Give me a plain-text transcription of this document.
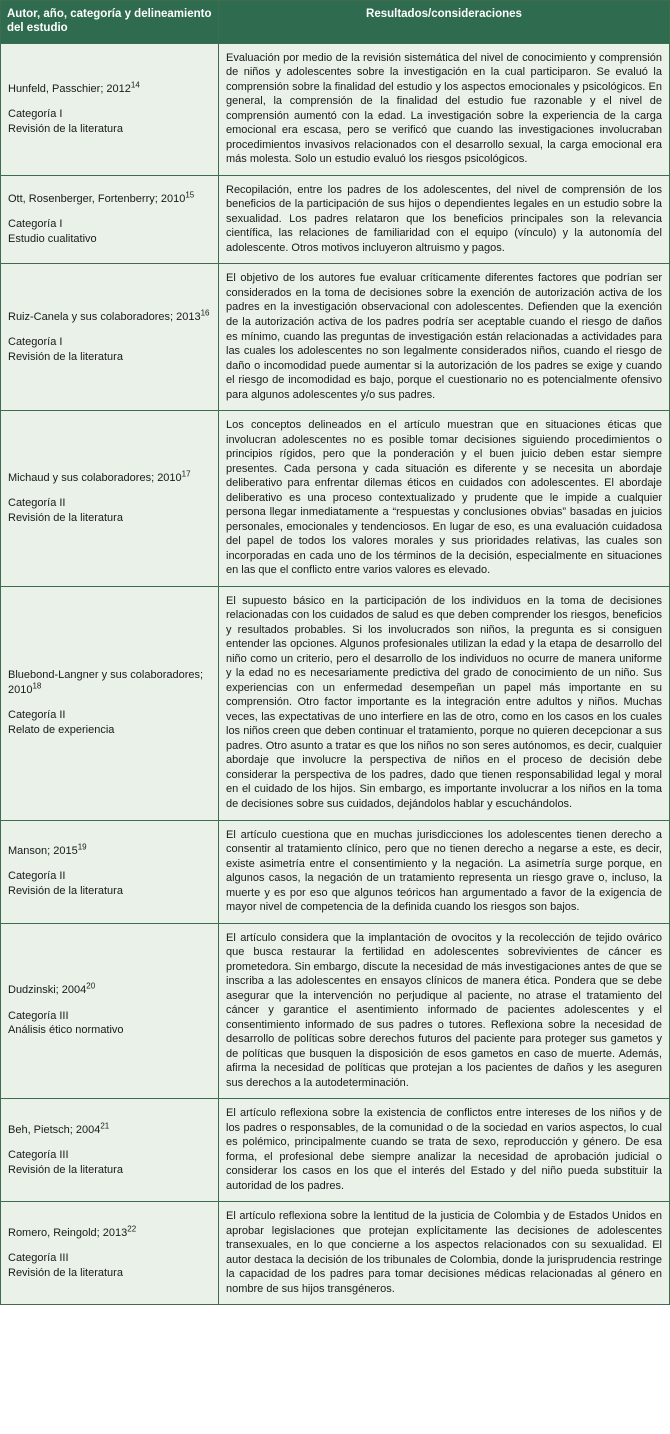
Autor, año, categoría y delineamiento del estudio	Resultados/consideraciones

Hunfeld, Passchier; 2012$^{14}$
Categoría I
Revisión de la literatura
	Evaluación por medio de la revisión sistemática del nivel de conocimiento y comprensión de niños y adolescentes sobre la investigación en la cual participaron. Se evaluó la comprensión sobre la finalidad del estudio y los aspectos emocionales y psicológicos. En general, la comprensión de la finalidad del estudio fue razonable y el nivel de comprensión aumentó con la edad. La investigación sobre la experiencia de la carga emocional era escasa, pero se verificó que cuando las investigaciones involucraban procedimientos invasivos relacionados con el desarrollo sexual, la carga emocional era más molesta. Solo un estudio evaluó los riesgos psicológicos.

Ott, Rosenberger, Fortenberry; 2010$^{15}$
Categoría I
Estudio cualitativo
	Recopilación, entre los padres de los adolescentes, del nivel de comprensión de los beneficios de la participación de sus hijos o dependientes legales en un estudio sobre la sexualidad. Los padres relataron que los beneficios principales son la relevancia científica, las relaciones de familiaridad con el equipo (vínculo) y la autonomía del adolescente. Otros motivos incluyeron altruismo y pagos.

Ruiz-Canela y sus colaboradores; 2013$^{16}$
Categoría I
Revisión de la literatura
	El objetivo de los autores fue evaluar críticamente diferentes factores que podrían ser considerados en la toma de decisiones sobre la exención de autorización activa de los padres en la investigación observacional con adolescentes. Defienden que la exención de la autorización activa de los padres podría ser aceptable cuando el riesgo de daños es mínimo, cuando las preguntas de investigación están relacionadas a actividades para las cuales los adolescentes no son legalmente considerados niños, cuando el riesgo de daño o incomodidad puede aumentar si la autorización de los padres se exige y cuando el riesgo de incomodidad es bajo, porque el cuestionario no es potencialmente ofensivo para algunos adolescentes y/o sus padres.

Michaud y sus colaboradores; 2010$^{17}$
Categoría II
Revisión de la literatura
	Los conceptos delineados en el artículo muestran que en situaciones éticas que involucran adolescentes no es posible tomar decisiones siguiendo procedimientos o principios rígidos, pero que la ponderación y el buen juicio deben estar siempre presentes. Cada persona y cada situación es diferente y se necesita un abordaje deliberativo para enfrentar dilemas éticos en cuidados con adolescentes. El abordaje deliberativo es una proceso contextualizado y prudente que le impide a cualquier persona llegar inmediatamente a “respuestas y conclusiones obvias” basadas en juicios personales, emocionales y tendenciosos. En lugar de eso, es una evaluación cuidadosa del papel de todos los valores morales y sus prioridades relativas, las cuales son incorporadas en cada uno de los términos de la decisión, especialmente en situaciones en las que el conflicto entre varios valores es elevado.

Bluebond-Langner y sus colaboradores; 2010$^{18}$
Categoría II
Relato de experiencia
	El supuesto básico en la participación de los individuos en la toma de decisiones relacionadas con los cuidados de salud es que deben comprender los riesgos, beneficios y resultados probables. Si los involucrados son niños, la pregunta es si consiguen entender las opciones. Algunos profesionales utilizan la edad y la etapa de desarrollo del niño como un criterio, pero el desarrollo de los individuos no ocurre de manera uniforme y la edad no es necesariamente predictiva del grado de conocimiento de un niño. Sus experiencias con un enfermedad desempeñan un papel más importante en su comprensión. Otro factor importante es la integración entre adultos y niños. Muchas veces, las expectativas de uno interfiere en las de otro, como en los casos en los cuales los niños creen que deben continuar el tratamiento, porque no quieren decepcionar a sus padres. Otro asunto a tratar es que los niños no son seres autónomos, es decir, cualquier abordaje que involucre la perspectiva de niños en el proceso de decisión debe considerar la perspectiva de los padres, dado que tienen responsabilidad legal y moral en el cuidado de los hijos. Sin embargo, es importante involucrar a los niños en la toma de decisiones sobre sus cuidados, dejándolos hablar y escuchándolos.

Manson; 2015$^{19}$
Categoría II
Revisión de la literatura
	El artículo cuestiona que en muchas jurisdicciones los adolescentes tienen derecho a consentir al tratamiento clínico, pero que no tienen derecho a negarse a este, es decir, existe asimetría entre el consentimiento y la negación. La asimetría surge porque, en algunos casos, la negación de un tratamiento representa un riesgo grave o, incluso, la muerte y es por eso que algunos teóricos han argumentado a favor de la exigencia de mayor nivel de competencia de la definida cuando los riesgos son bajos.

Dudzinski; 2004$^{20}$
Categoría III
Análisis ético normativo
	El artículo considera que la implantación de ovocitos y la recolección de tejido ovárico que busca restaurar la fertilidad en adolescentes sobrevivientes de cáncer es prometedora. Sin embargo, discute la necesidad de más investigaciones antes de que se inscriba a las adolescentes en ensayos clínicos de manera ética. Pondera que se debe asegurar que la intervención no perjudique al paciente, no atrase el tratamiento del cáncer y garantice el asentimiento informado de pacientes adolescentes y el consentimiento informado de sus padres o tutores. Reflexiona sobre la necesidad de desarrollo de políticas sobre derechos futuros del paciente para proteger sus gametos y de políticas que busquen la disposición de esos gametos en caso de muerte. Además, afirma la necesidad de políticas que protejan a los pacientes de daños y les aseguren sus derechos a la autodeterminación.

Beh, Pietsch; 2004$^{21}$
Categoría III
Revisión de la literatura
	El artículo reflexiona sobre la existencia de conflictos entre intereses de los niños y de los padres o responsables, de la comunidad o de la sociedad en varios aspectos, lo cual es polémico, principalmente cuando se trata de sexo, reproducción y género. De esa forma, el profesional debe siempre analizar la necesidad de aprobación judicial o considerar los casos en los que el interés del Estado y del niño pueda substituir la autoridad de los padres.

Romero, Reingold; 2013$^{22}$
Categoría III
Revisión de la literatura
	El artículo reflexiona sobre la lentitud de la justicia de Colombia y de Estados Unidos en aprobar legislaciones que protejan explícitamente las decisiones de adolescentes transexuales, en lo que concierne a los aspectos relacionados con su sexualidad. El autor destaca la decisión de los tribunales de Colombia, donde la jurisprudencia restringe la capacidad de los padres para tomar decisiones médicas relacionadas al género en nombre de sus hijos transgéneros.
